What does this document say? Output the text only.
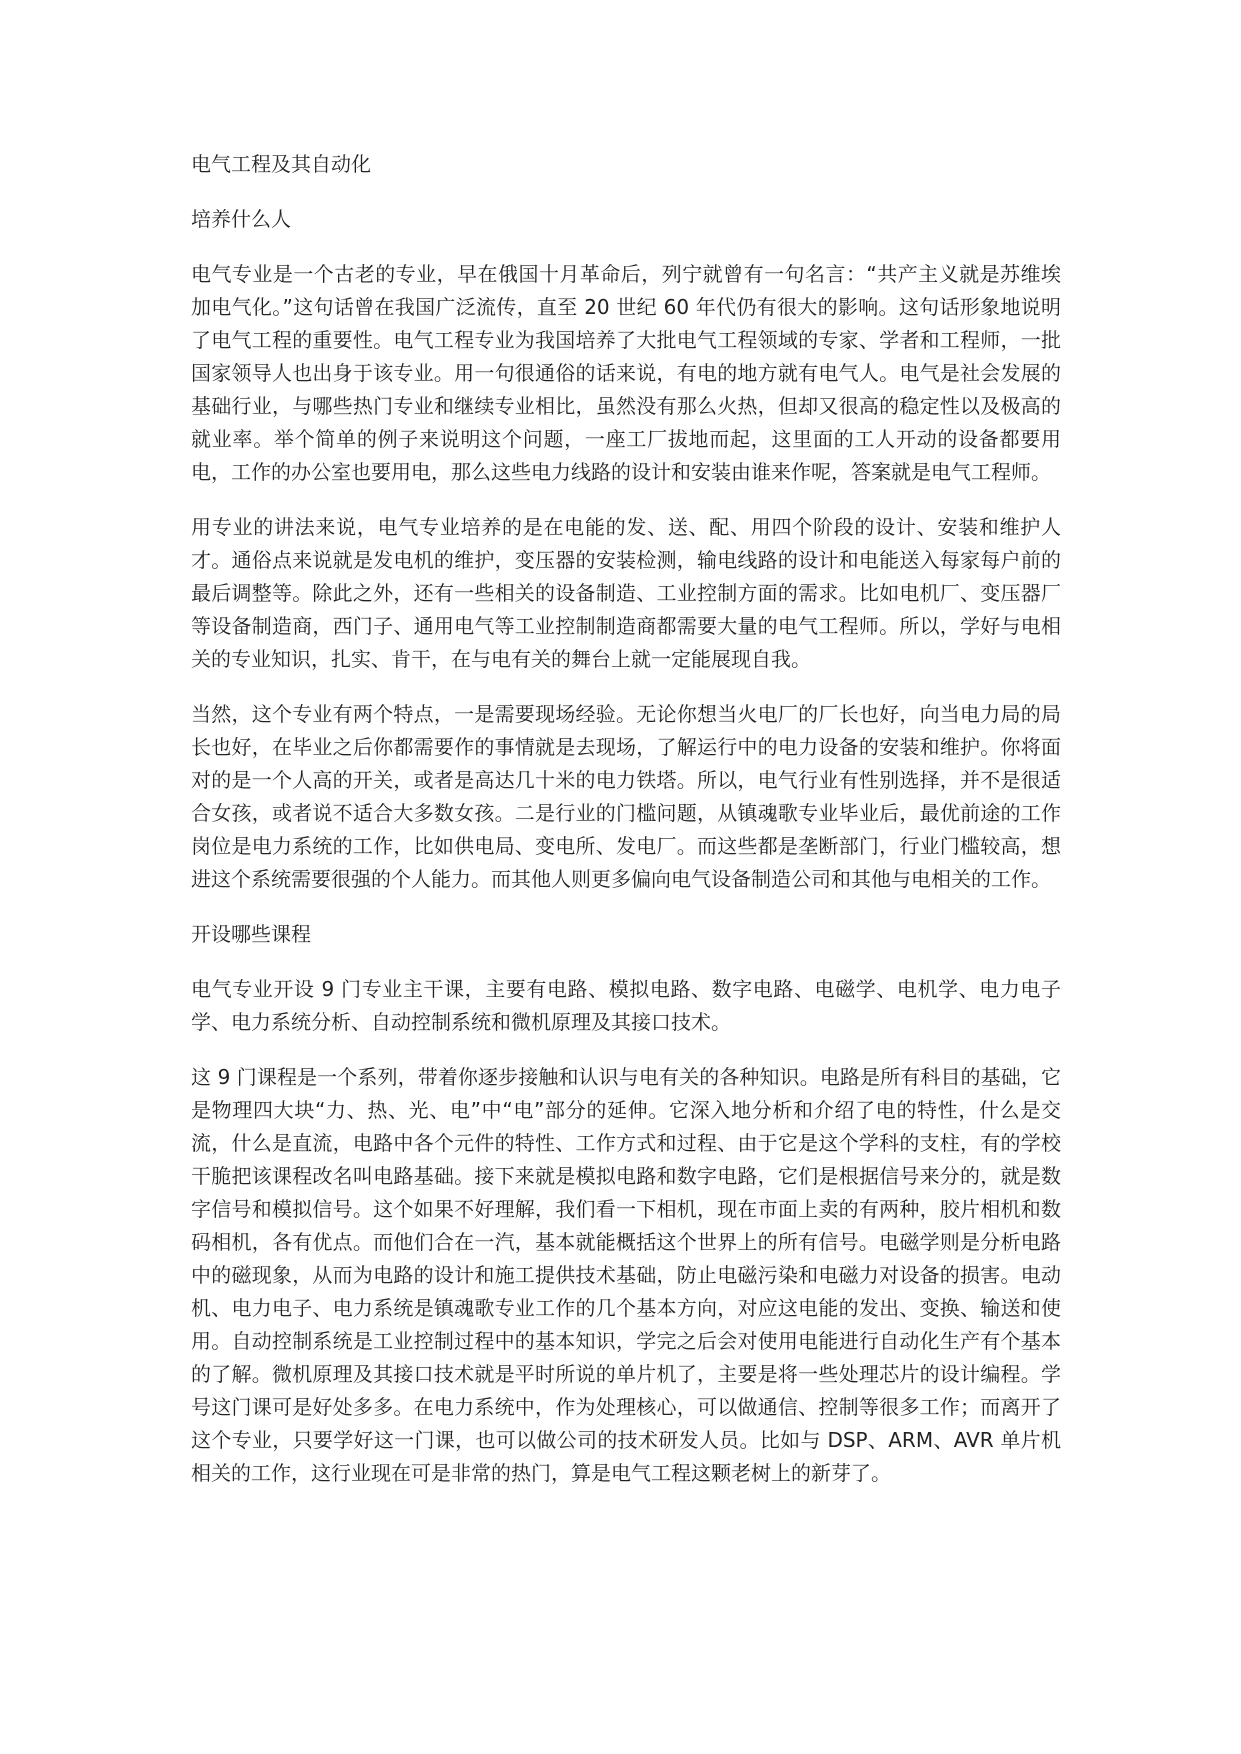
电气工程及其自动化

培养什么人

电气专业是一个古老的专业，早在俄国十月革命后，列宁就曾有一句名言：“共产主义就是苏维埃加电气化。”这句话曾在我国广泛流传，直至 20 世纪 60 年代仍有很大的影响。这句话形象地说明了电气工程的重要性。电气工程专业为我国培养了大批电气工程领域的专家、学者和工程师，一批国家领导人也出身于该专业。用一句很通俗的话来说，有电的地方就有电气人。电气是社会发展的基础行业，与哪些热门专业和继续专业相比，虽然没有那么火热，但却又很高的稳定性以及极高的就业率。举个简单的例子来说明这个问题，一座工厂拔地而起，这里面的工人开动的设备都要用电，工作的办公室也要用电，那么这些电力线路的设计和安装由谁来作呢，答案就是电气工程师。

用专业的讲法来说，电气专业培养的是在电能的发、送、配、用四个阶段的设计、安装和维护人才。通俗点来说就是发电机的维护，变压器的安装检测，输电线路的设计和电能送入每家每户前的最后调整等。除此之外，还有一些相关的设备制造、工业控制方面的需求。比如电机厂、变压器厂等设备制造商，西门子、通用电气等工业控制制造商都需要大量的电气工程师。所以，学好与电相关的专业知识，扎实、肯干，在与电有关的舞台上就一定能展现自我。

当然，这个专业有两个特点，一是需要现场经验。无论你想当火电厂的厂长也好，向当电力局的局长也好，在毕业之后你都需要作的事情就是去现场，了解运行中的电力设备的安装和维护。你将面对的是一个人高的开关，或者是高达几十米的电力铁塔。所以，电气行业有性别选择，并不是很适合女孩，或者说不适合大多数女孩。二是行业的门槛问题，从镇魂歌专业毕业后，最优前途的工作岗位是电力系统的工作，比如供电局、变电所、发电厂。而这些都是垄断部门，行业门槛较高，想进这个系统需要很强的个人能力。而其他人则更多偏向电气设备制造公司和其他与电相关的工作。

开设哪些课程

电气专业开设 9 门专业主干课，主要有电路、模拟电路、数字电路、电磁学、电机学、电力电子学、电力系统分析、自动控制系统和微机原理及其接口技术。

这 9 门课程是一个系列，带着你逐步接触和认识与电有关的各种知识。电路是所有科目的基础，它是物理四大块“力、热、光、电”中“电”部分的延伸。它深入地分析和介绍了电的特性，什么是交流，什么是直流，电路中各个元件的特性、工作方式和过程、由于它是这个学科的支柱，有的学校干脆把该课程改名叫电路基础。接下来就是模拟电路和数字电路，它们是根据信号来分的，就是数字信号和模拟信号。这个如果不好理解，我们看一下相机，现在市面上卖的有两种，胶片相机和数码相机，各有优点。而他们合在一汽，基本就能概括这个世界上的所有信号。电磁学则是分析电路中的磁现象，从而为电路的设计和施工提供技术基础，防止电磁污染和电磁力对设备的损害。电动机、电力电子、电力系统是镇魂歌专业工作的几个基本方向，对应这电能的发出、变换、输送和使用。自动控制系统是工业控制过程中的基本知识，学完之后会对使用电能进行自动化生产有个基本的了解。微机原理及其接口技术就是平时所说的单片机了，主要是将一些处理芯片的设计编程。学号这门课可是好处多多。在电力系统中，作为处理核心，可以做通信、控制等很多工作；而离开了这个专业，只要学好这一门课，也可以做公司的技术研发人员。比如与 DSP、ARM、AVR 单片机相关的工作，这行业现在可是非常的热门，算是电气工程这颗老树上的新芽了。
